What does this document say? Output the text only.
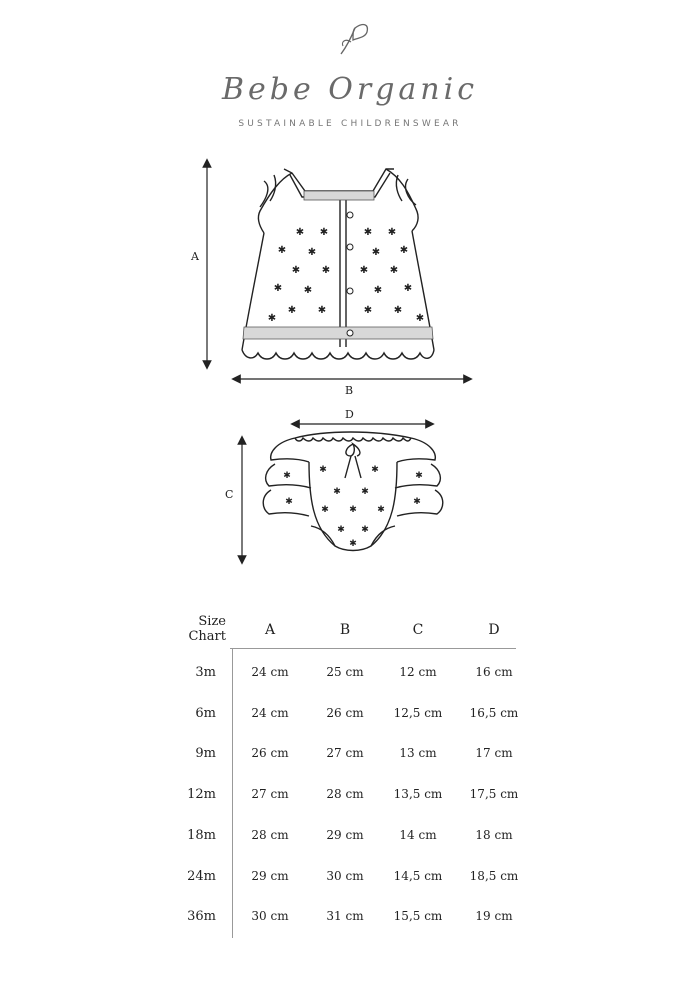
Bebe Organic
SUSTAINABLE CHILDRENSWEAR
✱ ✱	✱ ✱
✱ ✱	✱ ✱
✱ ✱	✱ ✱
✱ ✱	✱ ✱
✱ ✱	✱ ✱
✱	✱
A
B
✱	✱
✱ ✱
✱ ✱ ✱
✱ ✱
✱
✱	✱
✱	✱
C
D
Size
Chart	A	B	C	D
3m	24 cm	25 cm	12 cm	16 cm
6m	24 cm	26 cm	12,5 cm	16,5 cm
9m	26 cm	27 cm	13 cm	17 cm
12m	27 cm	28 cm	13,5 cm	17,5 cm
18m	28 cm	29 cm	14 cm	18 cm
24m	29 cm	30 cm	14,5 cm	18,5 cm
36m	30 cm	31 cm	15,5 cm	19 cm
